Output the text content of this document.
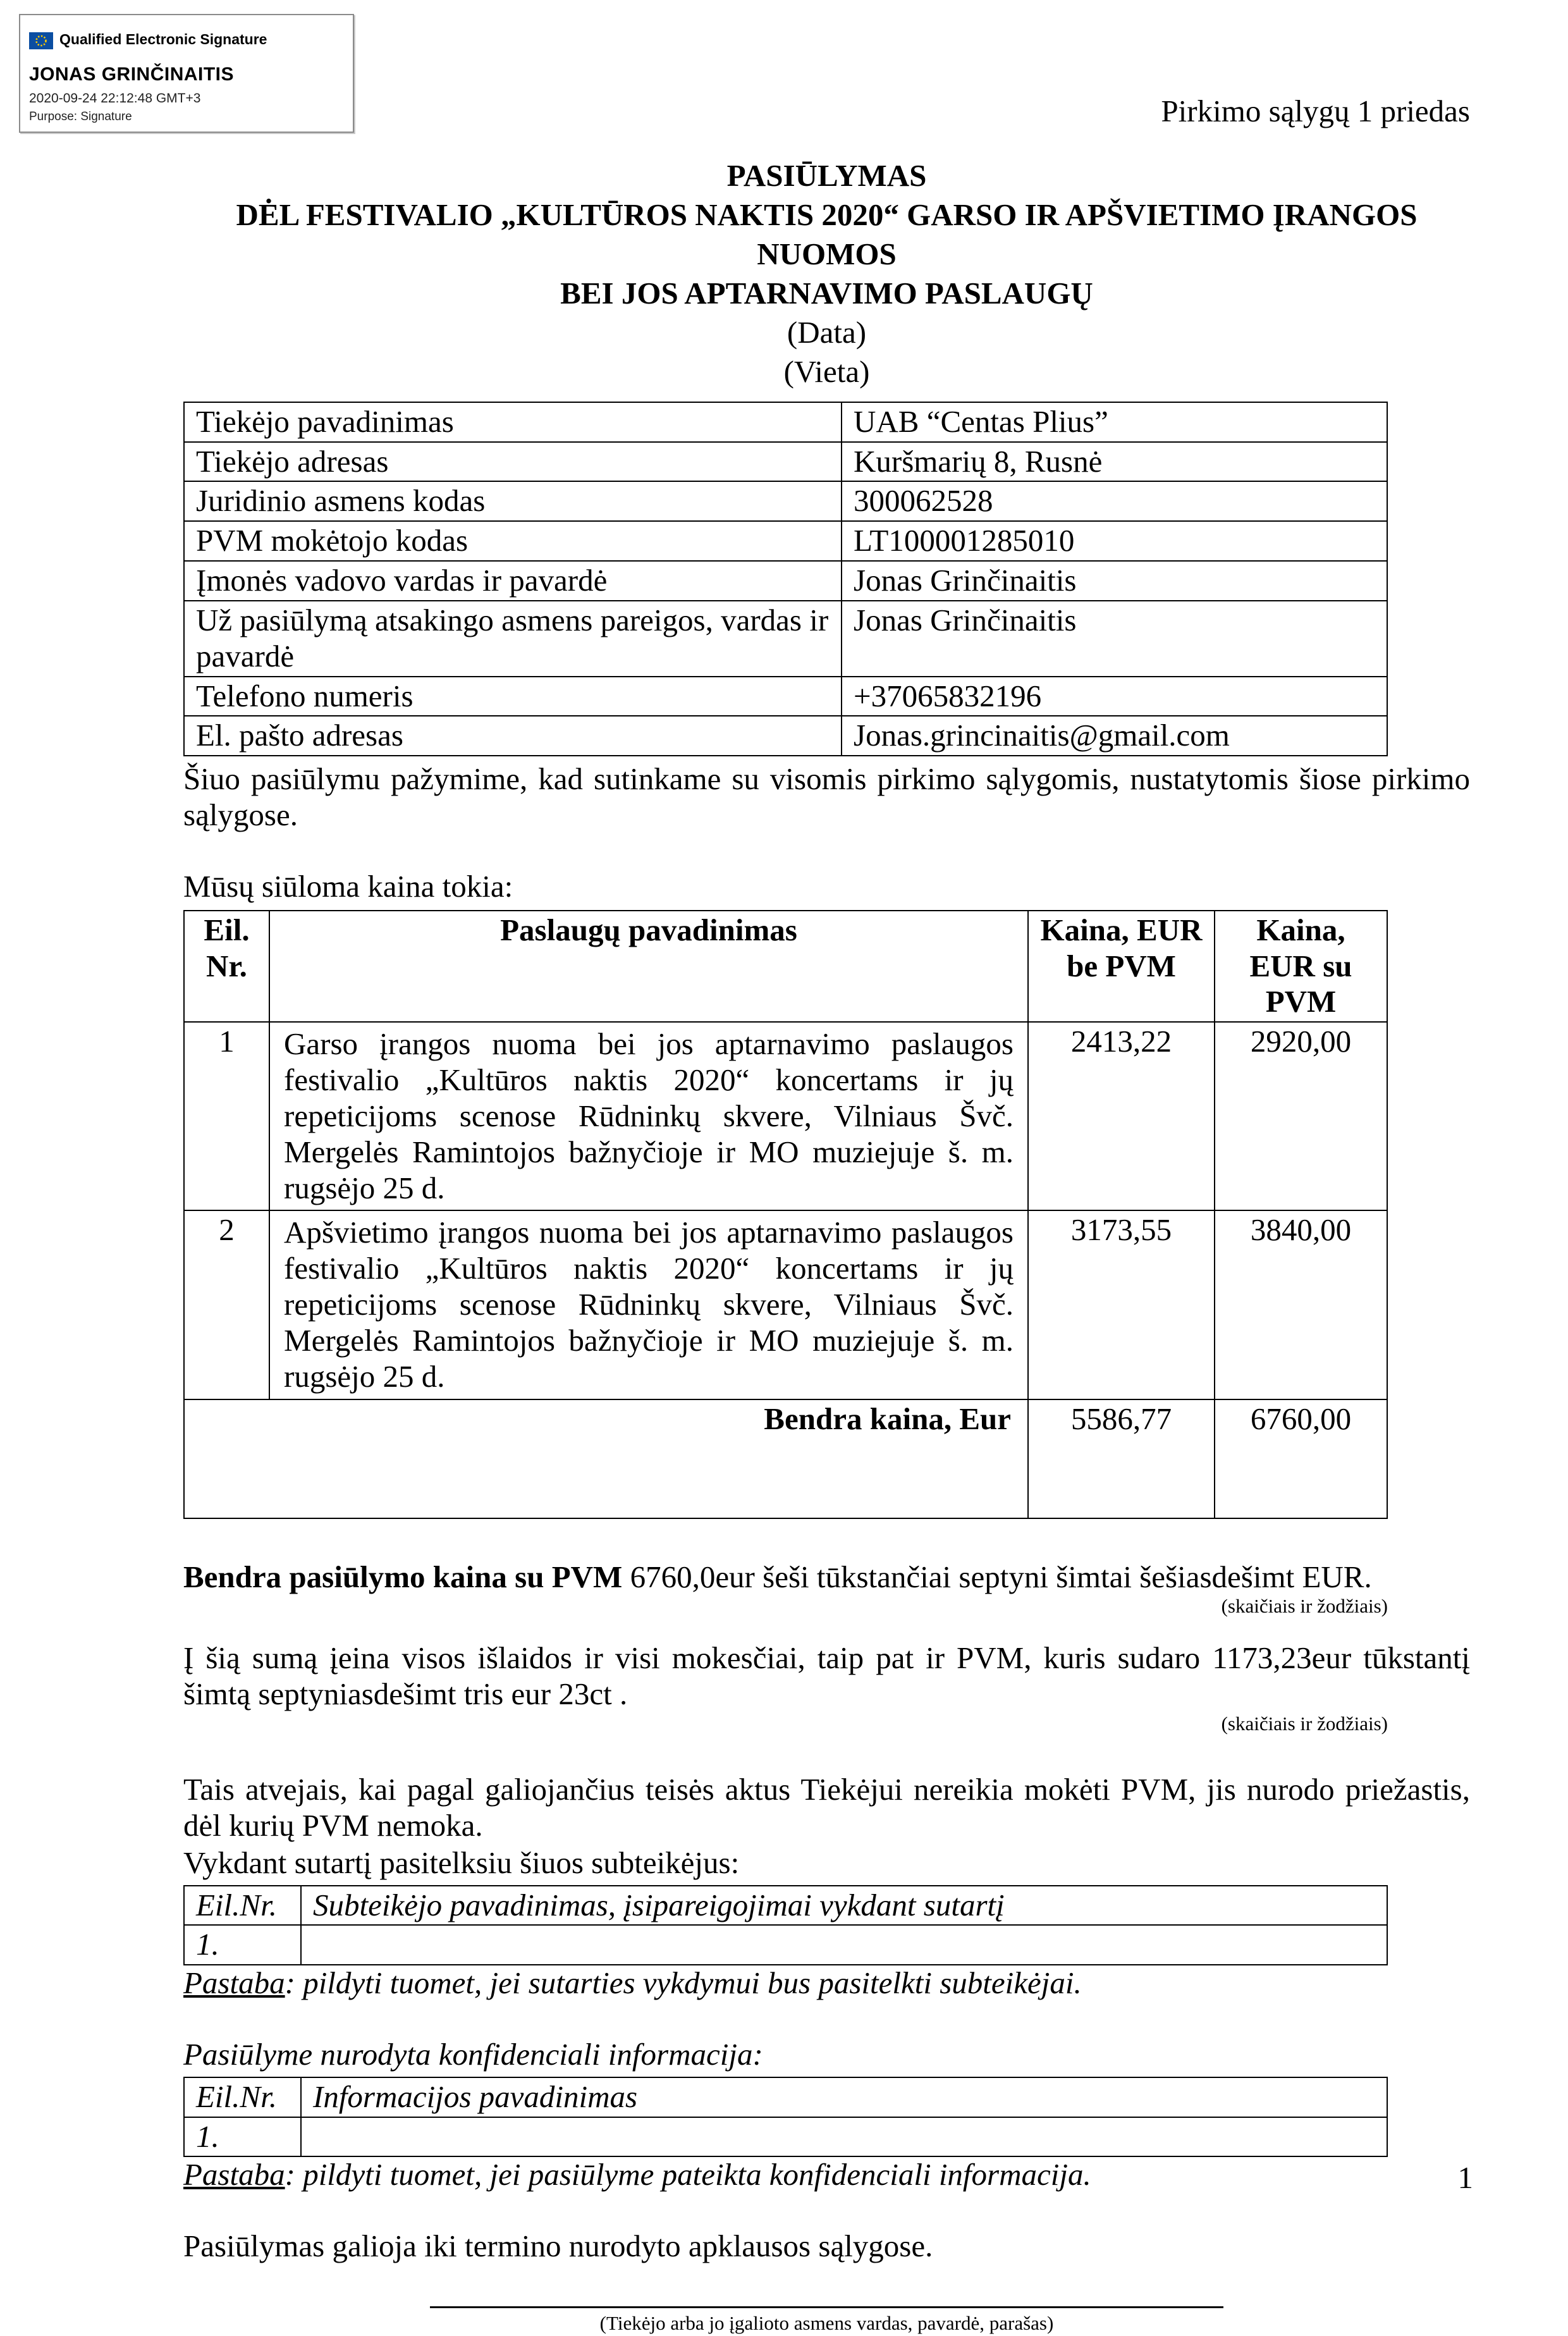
Qualified Electronic Signature
JONAS GRINČINAITIS
2020-09-24 22:12:48 GMT+3
Purpose: Signature	Pirkimo sąlygų 1 priedas
PASIŪLYMAS
DĖL FESTIVALIO „KULTŪROS NAKTIS 2020“ GARSO IR APŠVIETIMO ĮRANGOS NUOMOS
BEI JOS APTARNAVIMO PASLAUGŲ
(Data)
(Vieta)
Tiekėjo pavadinimas	UAB “Centas Plius”
Tiekėjo adresas	Kuršmarių 8, Rusnė
Juridinio asmens kodas	300062528
PVM mokėtojo kodas	LT100001285010
Įmonės vadovo vardas ir pavardė	Jonas Grinčinaitis
Už pasiūlymą atsakingo asmens pareigos, vardas ir pavardė	Jonas Grinčinaitis
Telefono numeris	+37065832196
El. pašto adresas	Jonas.grincinaitis@gmail.com

Šiuo pasiūlymu pažymime, kad sutinkame su visomis pirkimo sąlygomis, nustatytomis šiose pirkimo sąlygose.

Mūsų siūloma kaina tokia:

Eil. Nr.	Paslaugų pavadinimas	Kaina, EUR be PVM	Kaina, EUR su PVM
1	Garso įrangos nuoma bei jos aptarnavimo paslaugos festivalio „Kultūros naktis 2020“ koncertams ir jų repeticijoms scenose Rūdninkų skvere, Vilniaus Švč. Mergelės Ramintojos bažnyčioje ir MO muziejuje š. m. rugsėjo 25 d.	2413,22	2920,00
2	Apšvietimo įrangos nuoma bei jos aptarnavimo paslaugos festivalio „Kultūros naktis 2020“ koncertams ir jų repeticijoms scenose Rūdninkų skvere, Vilniaus Švč. Mergelės Ramintojos bažnyčioje ir MO muziejuje š. m. rugsėjo 25 d.	3173,55	3840,00
Bendra kaina, Eur		5586,77	6760,00

Bendra pasiūlymo kaina su PVM 6760,0eur šeši tūkstančiai septyni šimtai šešiasdešimt EUR.

(skaičiais ir žodžiais)

Į šią sumą įeina visos išlaidos ir visi mokesčiai, taip pat ir PVM, kuris sudaro 1173,23eur tūkstantį šimtą septyniasdešimt tris eur 23ct .

(skaičiais ir žodžiais)

Tais atvejais, kai pagal galiojančius teisės aktus Tiekėjui nereikia mokėti PVM, jis nurodo priežastis, dėl kurių PVM nemoka.

Vykdant sutartį pasitelksiu šiuos subteikėjus:

Eil.Nr.	Subteikėjo pavadinimas, įsipareigojimai vykdant sutartį
1.	

Pastaba: pildyti tuomet, jei sutarties vykdymui bus pasitelkti subteikėjai.

Pasiūlyme nurodyta konfidenciali informacija:

Eil.Nr.	Informacijos pavadinimas
1.	

Pastaba: pildyti tuomet, jei pasiūlyme pateikta konfidenciali informacija.

Pasiūlymas galioja iki termino nurodyto apklausos sąlygose.

(Tiekėjo arba jo įgalioto asmens vardas, pavardė, parašas)
1
